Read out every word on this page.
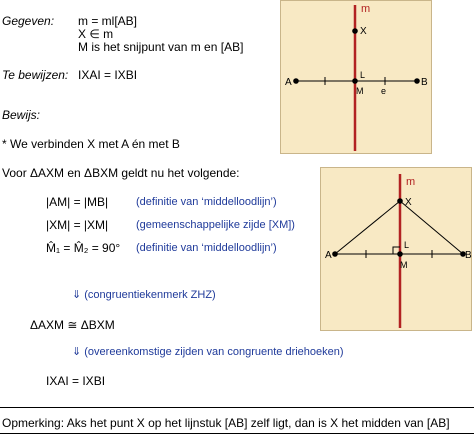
Gegeven: m = ml[AB]
X ∈ m
M is het snijpunt van m en [AB]
Te bewijzen: IXAI = IXBI
Bewijs:
* We verbinden X met A én met B
Voor ΔAXM en ΔBXM geldt nu het volgende:
|AM| = |MB|	(definitie van ‘middelloodlijn’)
|XM| = |XM|	(gemeenschappelijke zijde [XM])
M̂₁ = M̂₂ = 90° (definitie van ‘middelloodlijn’)
⇓ (congruentiekenmerk ZHZ)
ΔAXM ≅ ΔBXM
⇓ (overeenkomstige zijden van congruente driehoeken)
IXAI = IXBI
Opmerking: Aks het punt X op het lijnstuk [AB] zelf ligt, dan is X het midden van [AB]
m
X
A	B
L
M e
m
X
A	B
L
M
